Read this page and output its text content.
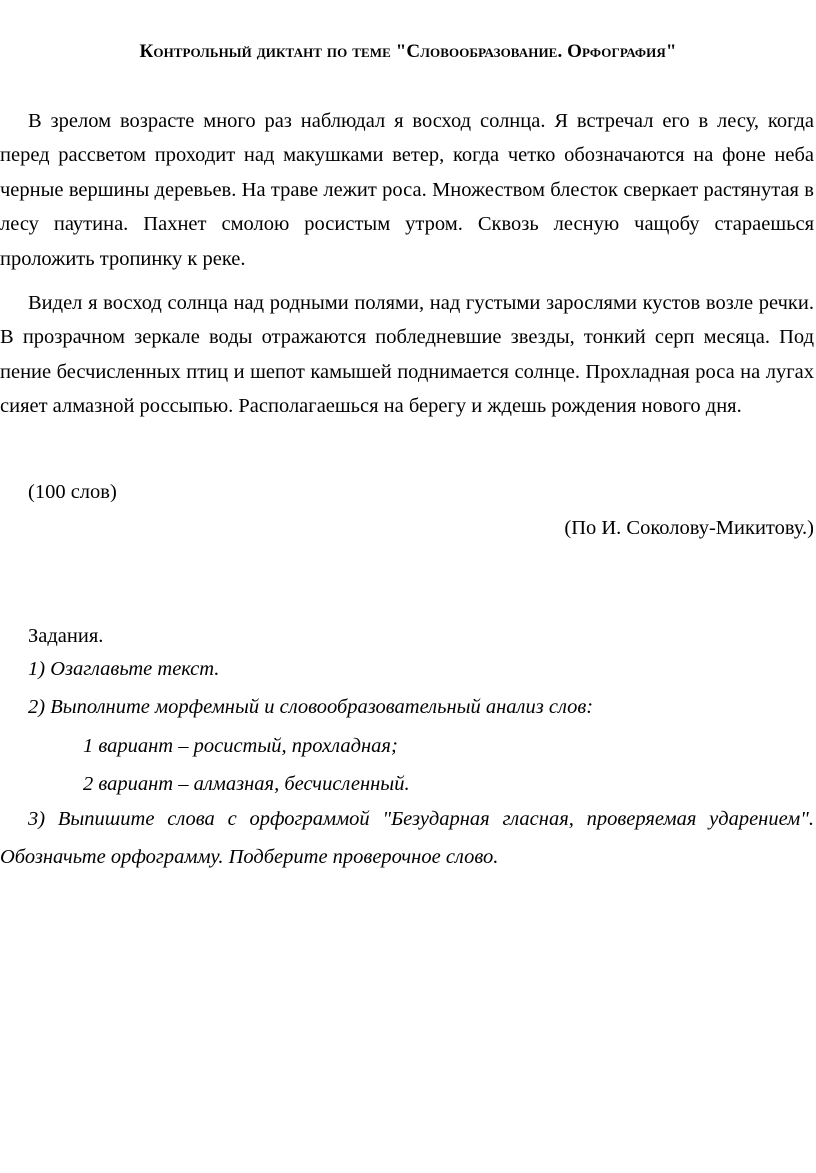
Контрольный диктант по теме "Словообразование. Орфография"

В зрелом возрасте много раз наблюдал я восход солнца. Я встречал его в лесу, когда перед рассветом проходит над макушками ветер, когда четко обозначаются на фоне неба черные вершины деревьев. На траве лежит роса. Множеством блесток сверкает растянутая в лесу паутина. Пахнет смолою росистым утром. Сквозь лесную чащобу стараешься проложить тропинку к реке.

Видел я восход солнца над родными полями, над густыми зарослями кустов возле речки. В прозрачном зеркале воды отражаются побледневшие звезды, тонкий серп месяца. Под пение бесчисленных птиц и шепот камышей поднимается солнце. Прохладная роса на лугах сияет алмазной россыпью. Располагаешься на берегу и ждешь рождения нового дня.

(100 слов)

(По И. Соколову-Микитову.)

Задания.

1) Озаглавьте текст.

2) Выполните морфемный и словообразовательный анализ слов:

1 вариант – росистый, прохладная;

2 вариант – алмазная, бесчисленный.

3) Выпишите слова с орфограммой "Безударная гласная, проверяемая ударением". Обозначьте орфограмму. Подберите проверочное слово.
